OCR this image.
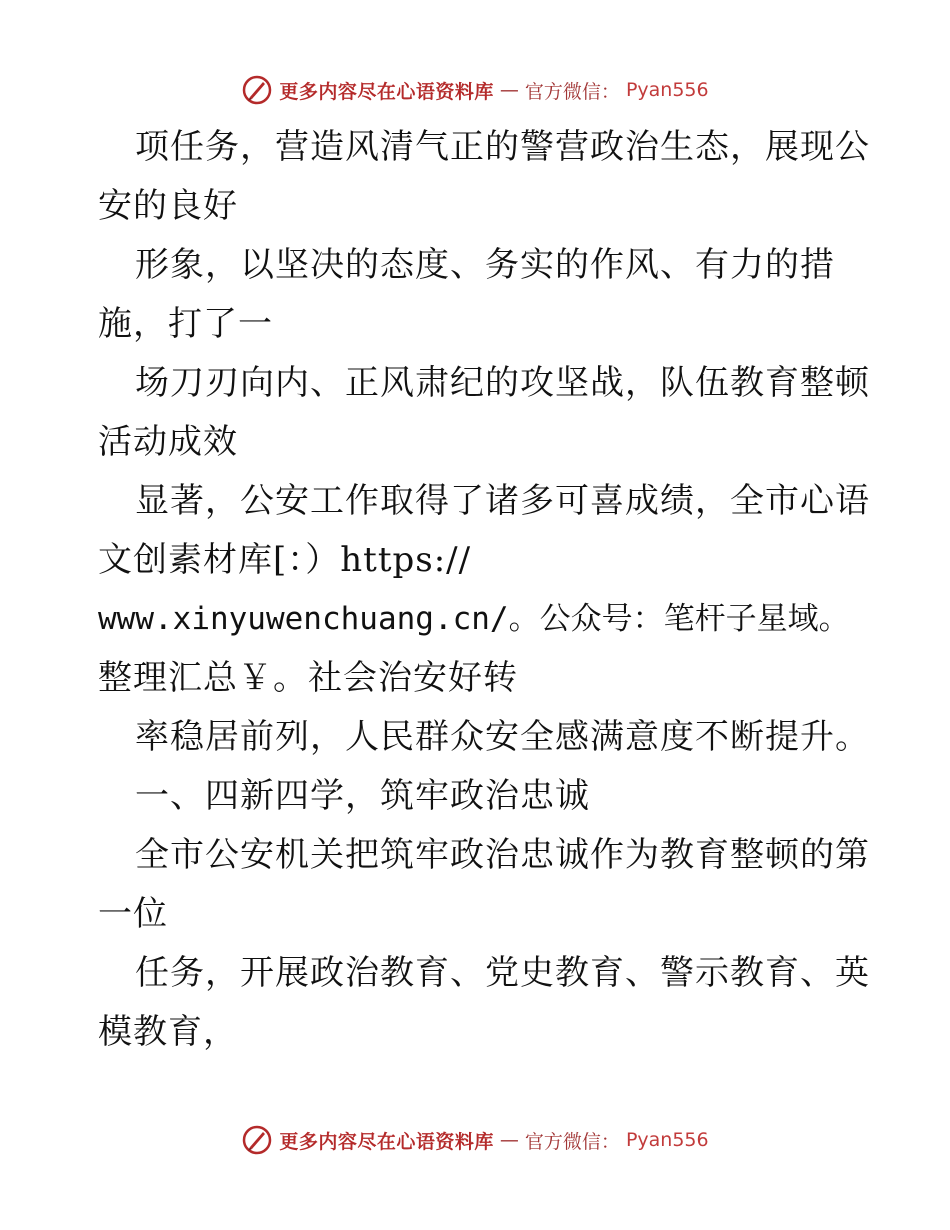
更多内容尽在心语资料库 — 官方微信： Pyan556
项任务，营造风清气正的警营政治生态，展现公
安的良好
形象，以坚决的态度、务实的作风、有力的措
施，打了一
场刀刃向内、正风肃纪的攻坚战，队伍教育整顿
活动成效
显著，公安工作取得了诸多可喜成绩，全市心语
文创素材库[：）https://
www.xinyuwenchuang.cn/。公众号：笔杆子星域。
整理汇总￥。社会治安好转
率稳居前列，人民群众安全感满意度不断提升。
一、四新四学，筑牢政治忠诚
全市公安机关把筑牢政治忠诚作为教育整顿的第
一位
任务，开展政治教育、党史教育、警示教育、英
模教育，
更多内容尽在心语资料库 — 官方微信： Pyan556
